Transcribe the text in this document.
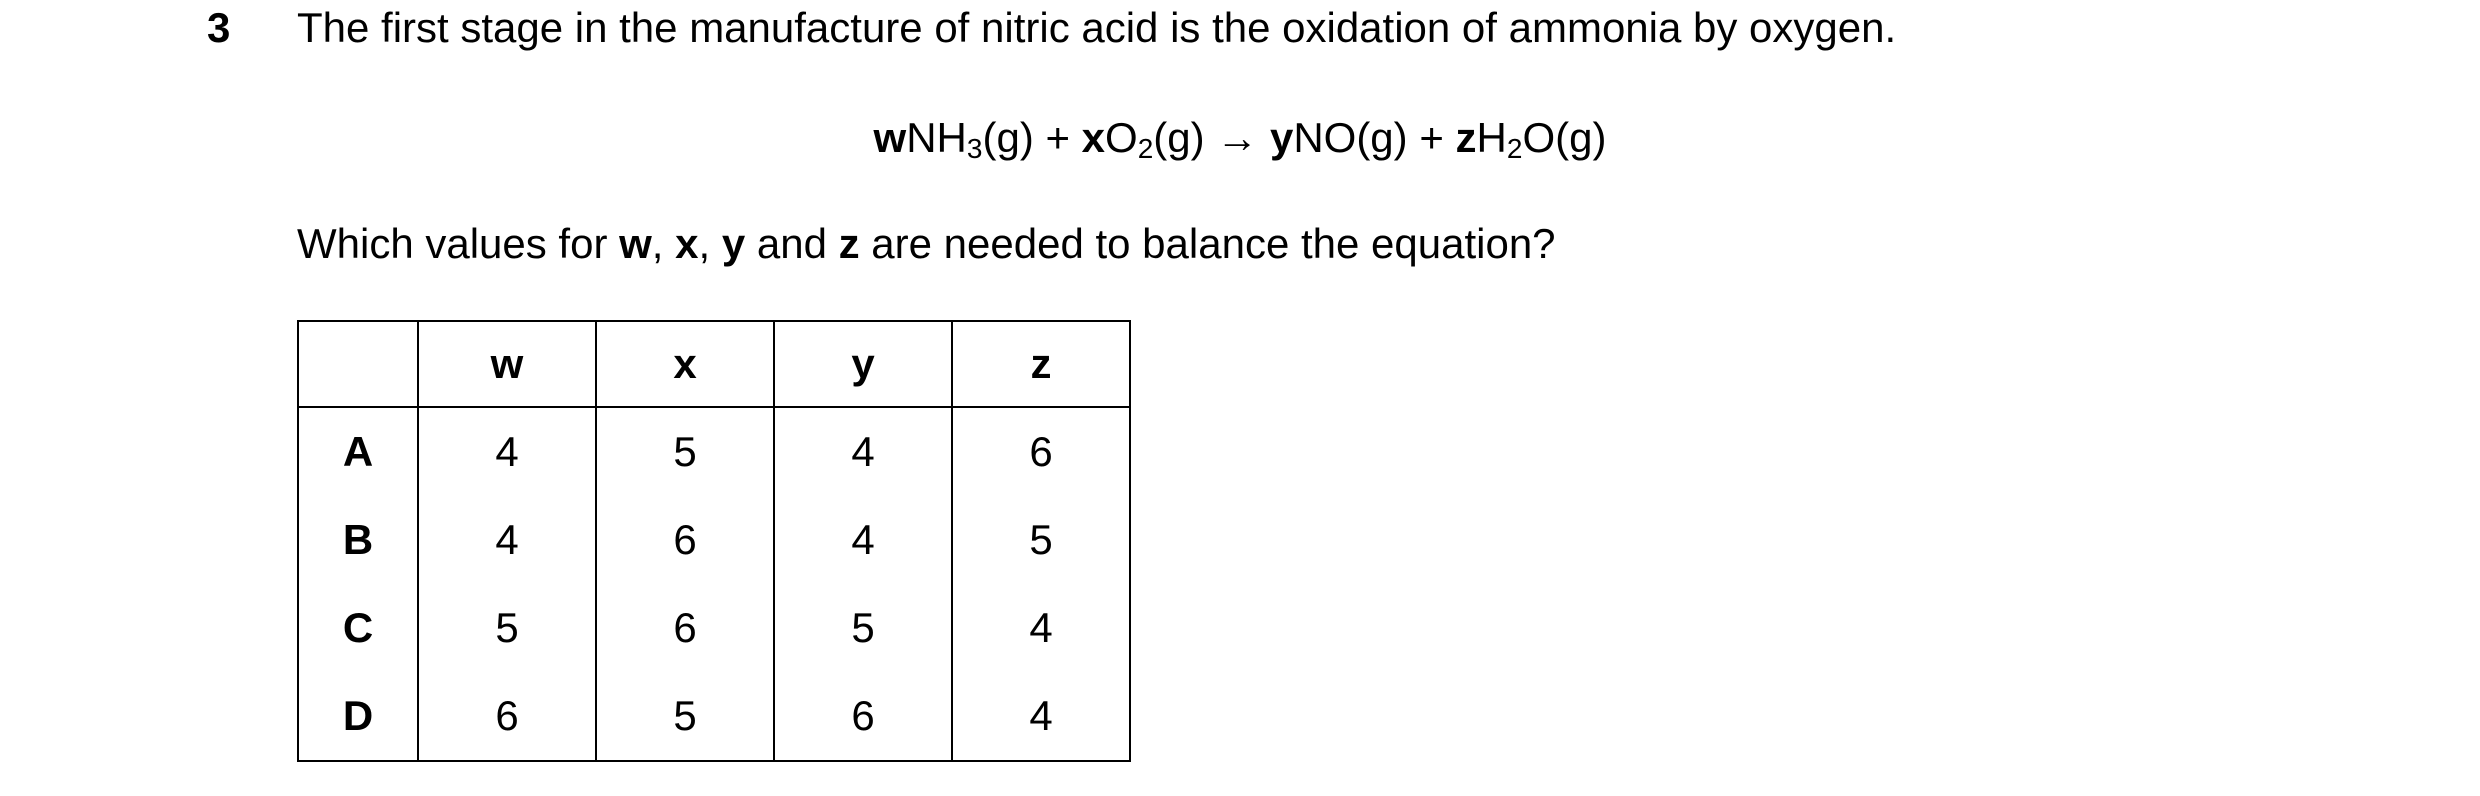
3 The first stage in the manufacture of nitric acid is the oxidation of ammonia by oxygen.
$wNH_3(g) + xO_2(g) \to yNO(g) + zH_2O(g)$
Which values for w, x, y and z are needed to balance the equation?
	w	x	y	z
A	4	5	4	6
B	4	6	4	5
C	5	6	5	4
D	6	5	6	4
